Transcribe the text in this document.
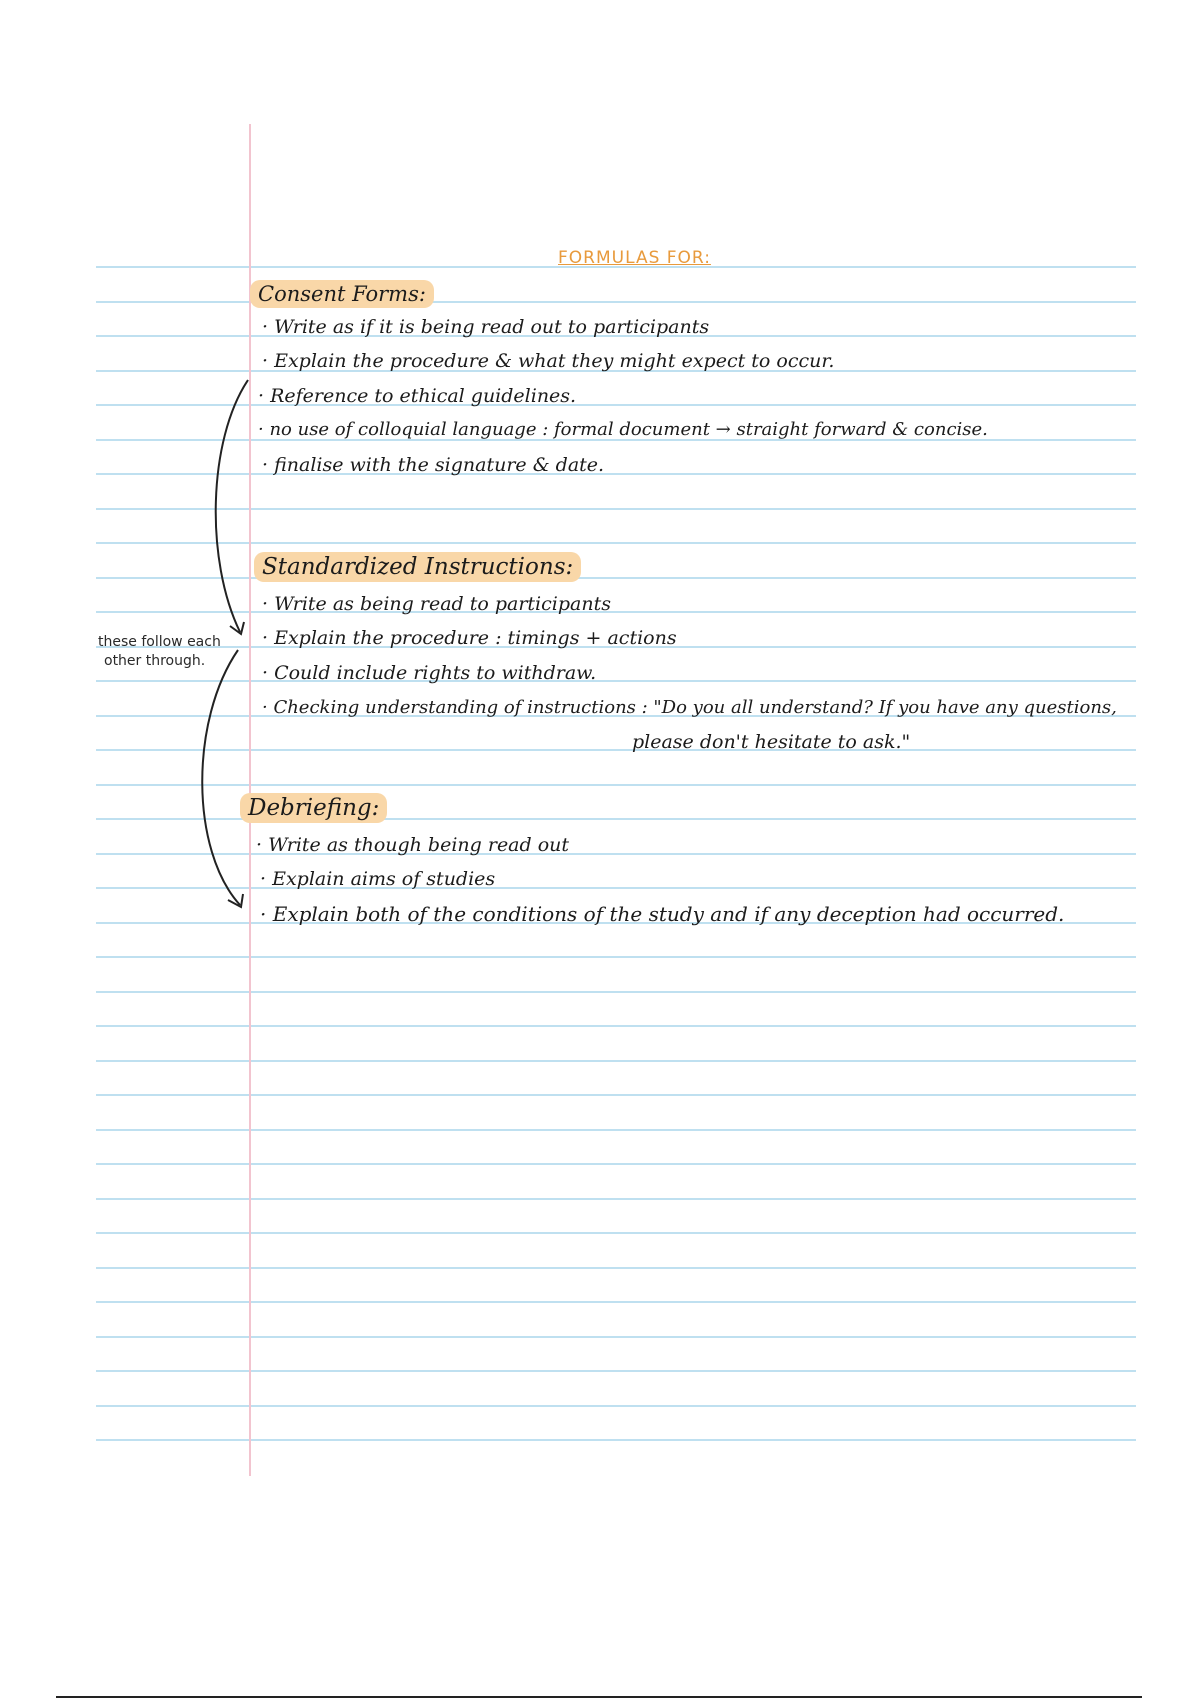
FORMULAS FOR:
Consent Forms:
· Write as if it is being read out to participants
· Explain the procedure & what they might expect to occur.
· Reference to ethical guidelines.
· no use of colloquial language : formal document → straight forward & concise.
· finalise with the signature & date.
Standardized Instructions:
· Write as being read to participants
· Explain the procedure : timings + actions
· Could include rights to withdraw.
· Checking understanding of instructions : "Do you all understand? If you have any questions,
please don't hesitate to ask."
Debriefing:
· Write as though being read out
· Explain aims of studies
· Explain both of the conditions of the study and if any deception had occurred.
these follow each
other through.
